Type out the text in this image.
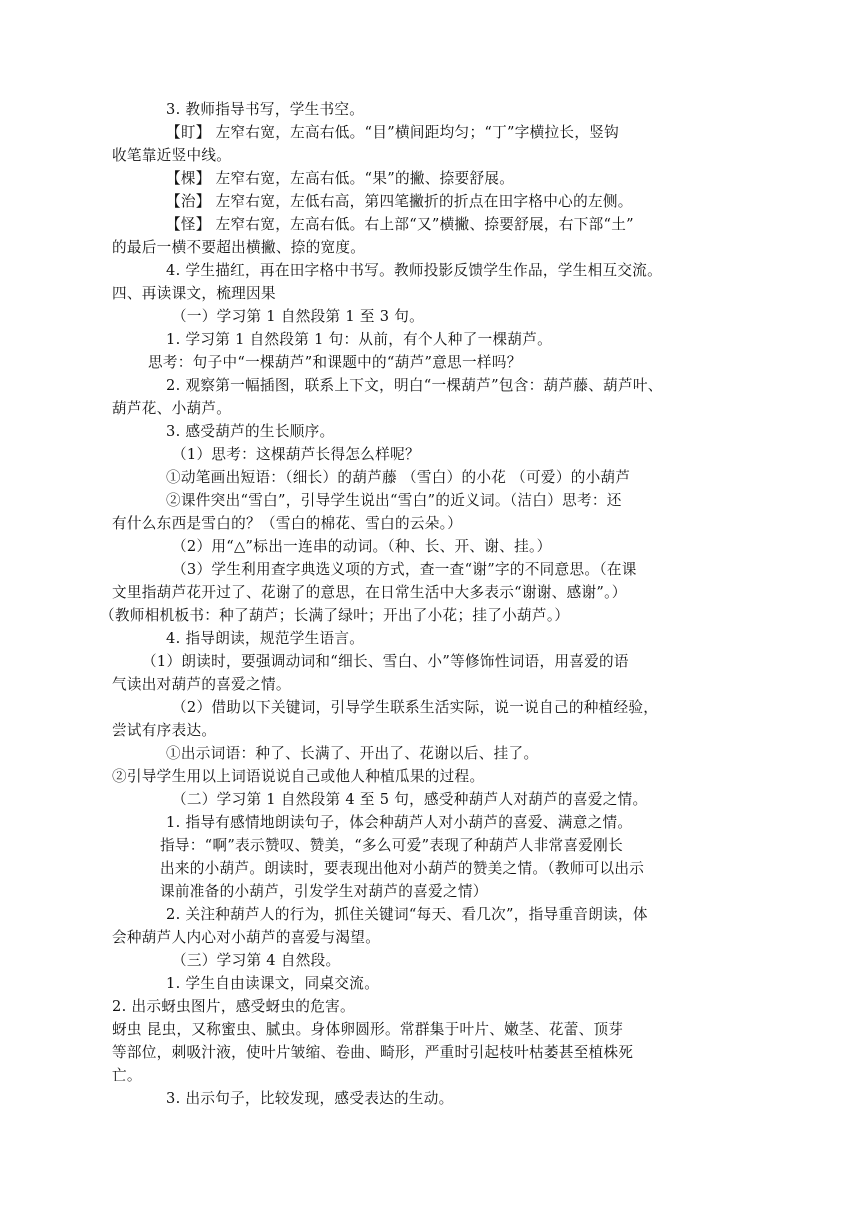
3. 教师指导书写，学生书空。
【盯】 左窄右宽，左高右低。“目”横间距均匀；“丁”字横拉长，竖钩
收笔靠近竖中线。
【棵】 左窄右宽，左高右低。“果”的撇、捺要舒展。
【治】 左窄右宽，左低右高，第四笔撇折的折点在田字格中心的左侧。
【怪】 左窄右宽，左高右低。右上部“又”横撇、捺要舒展，右下部“土”
的最后一横不要超出横撇、捺的宽度。
4. 学生描红，再在田字格中书写。教师投影反馈学生作品，学生相互交流。
四、再读课文，梳理因果
（一）学习第 1 自然段第 1 至 3 句。
1. 学习第 1 自然段第 1 句：从前，有个人种了一棵葫芦。
思考：句子中“一棵葫芦”和课题中的“葫芦”意思一样吗？
2. 观察第一幅插图，联系上下文，明白“一棵葫芦”包含：葫芦藤、葫芦叶、
葫芦花、小葫芦。
3. 感受葫芦的生长顺序。
（1）思考：这棵葫芦长得怎么样呢？
①动笔画出短语：（细长）的葫芦藤 （雪白）的小花 （可爱）的小葫芦
②课件突出“雪白”，引导学生说出“雪白”的近义词。（洁白）思考：还
有什么东西是雪白的？（雪白的棉花、雪白的云朵。）
（2）用“△”标出一连串的动词。（种、长、开、谢、挂。）
（3）学生利用查字典选义项的方式，查一查“谢”字的不同意思。（在课
文里指葫芦花开过了、花谢了的意思，在日常生活中大多表示“谢谢、感谢”。）
（教师相机板书：种了葫芦；长满了绿叶；开出了小花；挂了小葫芦。）
4. 指导朗读，规范学生语言。
（1）朗读时，要强调动词和“细长、雪白、小”等修饰性词语，用喜爱的语
气读出对葫芦的喜爱之情。
（2）借助以下关键词，引导学生联系生活实际，说一说自己的种植经验，
尝试有序表达。
①出示词语：种了、长满了、开出了、花谢以后、挂了。
②引导学生用以上词语说说自己或他人种植瓜果的过程。
（二）学习第 1 自然段第 4 至 5 句，感受种葫芦人对葫芦的喜爱之情。
1. 指导有感情地朗读句子，体会种葫芦人对小葫芦的喜爱、满意之情。
指导：“啊”表示赞叹、赞美，“多么可爱”表现了种葫芦人非常喜爱刚长
出来的小葫芦。朗读时，要表现出他对小葫芦的赞美之情。（教师可以出示
课前准备的小葫芦，引发学生对葫芦的喜爱之情）
2. 关注种葫芦人的行为，抓住关键词“每天、看几次”，指导重音朗读，体
会种葫芦人内心对小葫芦的喜爱与渴望。
（三）学习第 4 自然段。
1. 学生自由读课文，同桌交流。
2. 出示蚜虫图片，感受蚜虫的危害。
蚜虫 昆虫，又称蜜虫、腻虫。身体卵圆形。常群集于叶片、嫩茎、花蕾、顶芽
等部位，刺吸汁液，使叶片皱缩、卷曲、畸形，严重时引起枝叶枯萎甚至植株死
亡。
3. 出示句子，比较发现，感受表达的生动。
